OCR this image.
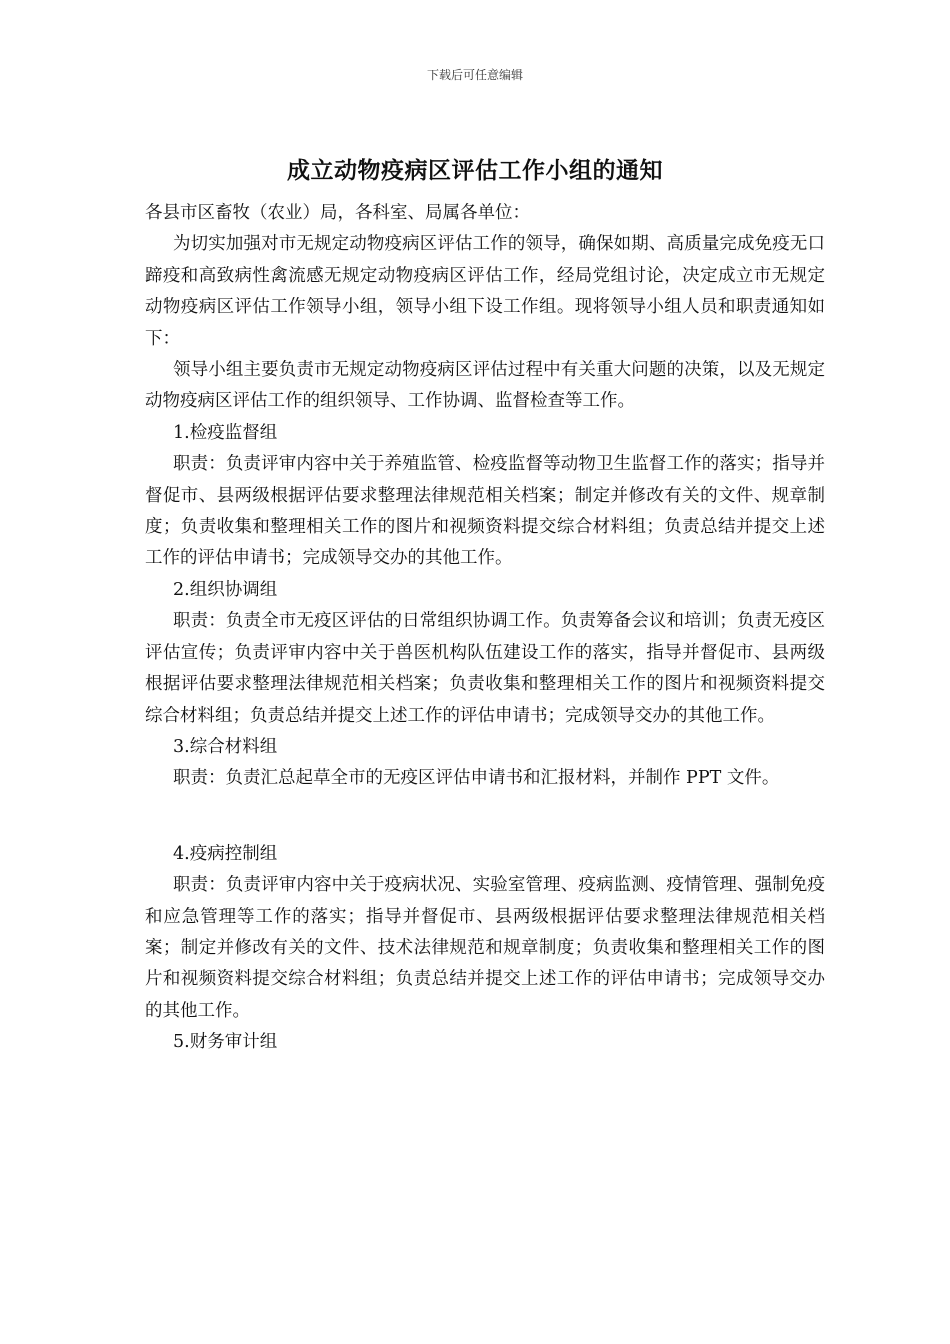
下载后可任意编辑
成立动物疫病区评估工作小组的通知

各县市区畜牧（农业）局，各科室、局属各单位：

为切实加强对市无规定动物疫病区评估工作的领导，确保如期、高质量完成免疫无口蹄疫和高致病性禽流感无规定动物疫病区评估工作，经局党组讨论，决定成立市无规定动物疫病区评估工作领导小组，领导小组下设工作组。现将领导小组人员和职责通知如下：

领导小组主要负责市无规定动物疫病区评估过程中有关重大问题的决策，以及无规定动物疫病区评估工作的组织领导、工作协调、监督检查等工作。

1.检疫监督组

职责：负责评审内容中关于养殖监管、检疫监督等动物卫生监督工作的落实；指导并督促市、县两级根据评估要求整理法律规范相关档案；制定并修改有关的文件、规章制度；负责收集和整理相关工作的图片和视频资料提交综合材料组；负责总结并提交上述工作的评估申请书；完成领导交办的其他工作。

2.组织协调组

职责：负责全市无疫区评估的日常组织协调工作。负责筹备会议和培训；负责无疫区评估宣传；负责评审内容中关于兽医机构队伍建设工作的落实，指导并督促市、县两级根据评估要求整理法律规范相关档案；负责收集和整理相关工作的图片和视频资料提交综合材料组；负责总结并提交上述工作的评估申请书；完成领导交办的其他工作。

3.综合材料组

职责：负责汇总起草全市的无疫区评估申请书和汇报材料，并制作 PPT 文件。

4.疫病控制组

职责：负责评审内容中关于疫病状况、实验室管理、疫病监测、疫情管理、强制免疫和应急管理等工作的落实；指导并督促市、县两级根据评估要求整理法律规范相关档案；制定并修改有关的文件、技术法律规范和规章制度；负责收集和整理相关工作的图片和视频资料提交综合材料组；负责总结并提交上述工作的评估申请书；完成领导交办的其他工作。

5.财务审计组
